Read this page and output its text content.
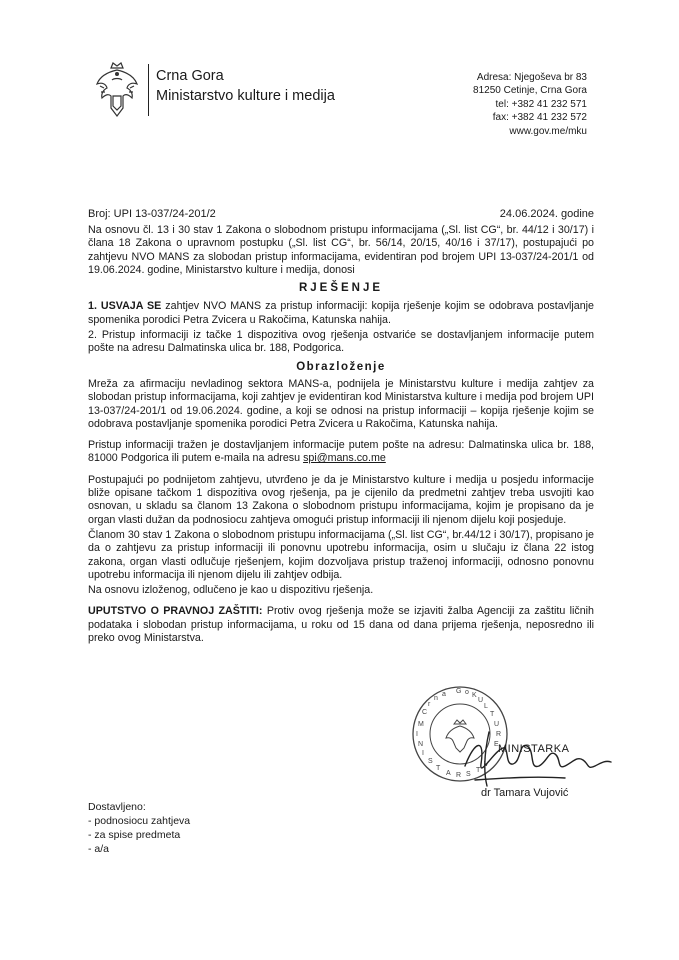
Crna Gora
Ministarstvo kulture i medija
Adresa: Njegoševa br 83
81250 Cetinje, Crna Gora
tel: +382 41 232 571
fax: +382 41 232 572
www.gov.me/mku
Broj: UPI 13-037/24-201/2	24.06.2024. godine

Na osnovu čl. 13 i 30 stav 1 Zakona o slobodnom pristupu informacijama („Sl. list CG“, br. 44/12 i 30/17) i člana 18 Zakona o upravnom postupku („Sl. list CG“, br. 56/14, 20/15, 40/16 i 37/17), postupajući po zahtjevu NVO MANS za slobodan pristup informacijama, evidentiran pod brojem UPI 13-037/24-201/1 od 19.06.2024. godine, Ministarstvo kulture i medija, donosi

RJEŠENJE

1. USVAJA SE zahtjev NVO MANS za pristup informaciji: kopija rješenje kojim se odobrava postavljanje spomenika porodici Petra Zvicera u Rakočima, Katunska nahija.

2. Pristup informaciji iz tačke 1 dispozitiva ovog rješenja ostvariće se dostavljanjem informacije putem pošte na adresu Dalmatinska ulica br. 188, Podgorica.

Obrazloženje

Mreža za afirmaciju nevladinog sektora MANS-a, podnijela je Ministarstvu kulture i medija zahtjev za slobodan pristup informacijama, koji zahtjev je evidentiran kod Ministarstva kulture i medija pod brojem UPI 13-037/24-201/1 od 19.06.2024. godine, a koji se odnosi na pristup informaciji – kopija rješenje kojim se odobrava postavljanje spomenika porodici Petra Zvicera u Rakočima, Katunska nahija.

Pristup informaciji tražen je dostavljanjem informacije putem pošte na adresu: Dalmatinska ulica br. 188, 81000 Podgorica ili putem e-maila na adresu spi@mans.co.me

Postupajući po podnijetom zahtjevu, utvrđeno je da je Ministarstvo kulture i medija u posjedu informacije bliže opisane tačkom 1 dispozitiva ovog rješenja, pa je cijenilo da predmetni zahtjev treba usvojiti kao osnovan, u skladu sa članom 13 Zakona o slobodnom pristupu informacijama, kojim je propisano da je organ vlasti dužan da podnosiocu zahtjeva omogući pristup informaciji ili njenom dijelu koji posjeduje.

Članom 30 stav 1 Zakona o slobodnom pristupu informacijama („Sl. list CG“, br.44/12 i 30/17), propisano je da o zahtjevu za pristup informaciji ili ponovnu upotrebu informacija, osim u slučaju iz člana 22 istog zakona, organ vlasti odlučuje rješenjem, kojim dozvoljava pristup traženoj informaciji, odnosno ponovnu upotrebu informacija ili njenom dijelu ili zahtjev odbija.

Na osnovu izloženog, odlučeno je kao u dispozitivu rješenja.

UPUTSTVO O PRAVNOJ ZAŠTITI: Protiv ovog rješenja može se izjaviti žalba Agenciji za zaštitu ličnih podataka i slobodan pristup informacijama, u roku od 15 dana od dana prijema rješenja, neposredno ili preko ovog Ministarstva.

C
r
n
a G o K
U
L
T
U
R
E
M
I
N
I
S
T
A R S
T
V
MINISTARKA
dr Tamara Vujović
Dostavljeno:
- podnosiocu zahtjeva
- za spise predmeta
- a/a
